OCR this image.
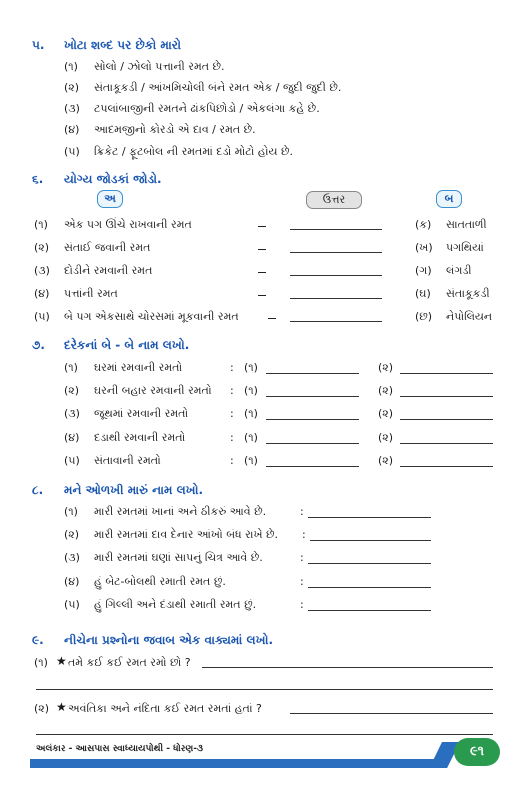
૫. ખોટા શબ્દ પર છેકો મારો
(૧) સોલો / ઝોલો પત્તાની રમત છે.
(૨) સંતાકૂકડી / આંખમિચોલી બંને રમત એક / જુદી જુદી છે.
(૩) ટપલાંબાજીની રમતને ઢાંકપિછોડો / એકલંગા કહે છે.
(૪) આદમજીનો કોરડો એ દાવ / રમત છે.
(૫) ક્રિકેટ / ફૂટબોલ ની રમતમાં દડો મોટો હોય છે.
૬. યોગ્ય જોડકાં જોડો.
અ	ઉત્તર	બ
(૧) એક પગ ઊંચે રાખવાની રમત	(ક) સાતતાળી
(૨) સંતાઈ જવાની રમત	(ખ) પગથિયાં
(૩) દોડીને રમવાની રમત	(ગ) લંગડી
(૪) પત્તાંની રમત	(ઘ) સંતાકૂકડી
(૫) બે પગ એકસાથે ચોરસમાં મૂકવાની રમત	(છ) નેપોલિયન
૭. દરેકનાં બે - બે નામ લખો.
(૧) ઘરમાં રમવાની રમતો	: (૧)	(૨)
(૨) ઘરની બહાર રમવાની રમતો : (૧)	(૨)
(૩) જૂથમાં રમવાની રમતો	: (૧)	(૨)
(૪) દડાથી રમવાની રમતો	: (૧)	(૨)
(૫) સંતાવાની રમતો	: (૧)	(૨)
૮. મને ઓળખી મારું નામ લખો.
(૧) મારી રમતમાં ખાનાં અને ઠીકરું આવે છે.	:
(૨) મારી રમતમાં દાવ દેનાર આંખો બંધ રાખે છે. :
(૩) મારી રમતમાં ઘણાં સાપનું ચિત્ર આવે છે.	:
(૪) હું બેટ-બોલથી રમાતી રમત છું.	:
(૫) હું ગિલ્લી અને દંડાથી રમાતી રમત છું.	:
૯. નીચેના પ્રશ્નોના જવાબ એક વાક્યમાં લખો.
(૧) ★ તમે કઈ કઈ રમત રમો છો ?
(૨) ★ અવંતિકા અને નંદિતા કઈ રમત રમતાં હતાં ?
અલંકાર - આસપાસ સ્વાધ્યાયપોથી - ધોરણ-૩	૯૧
